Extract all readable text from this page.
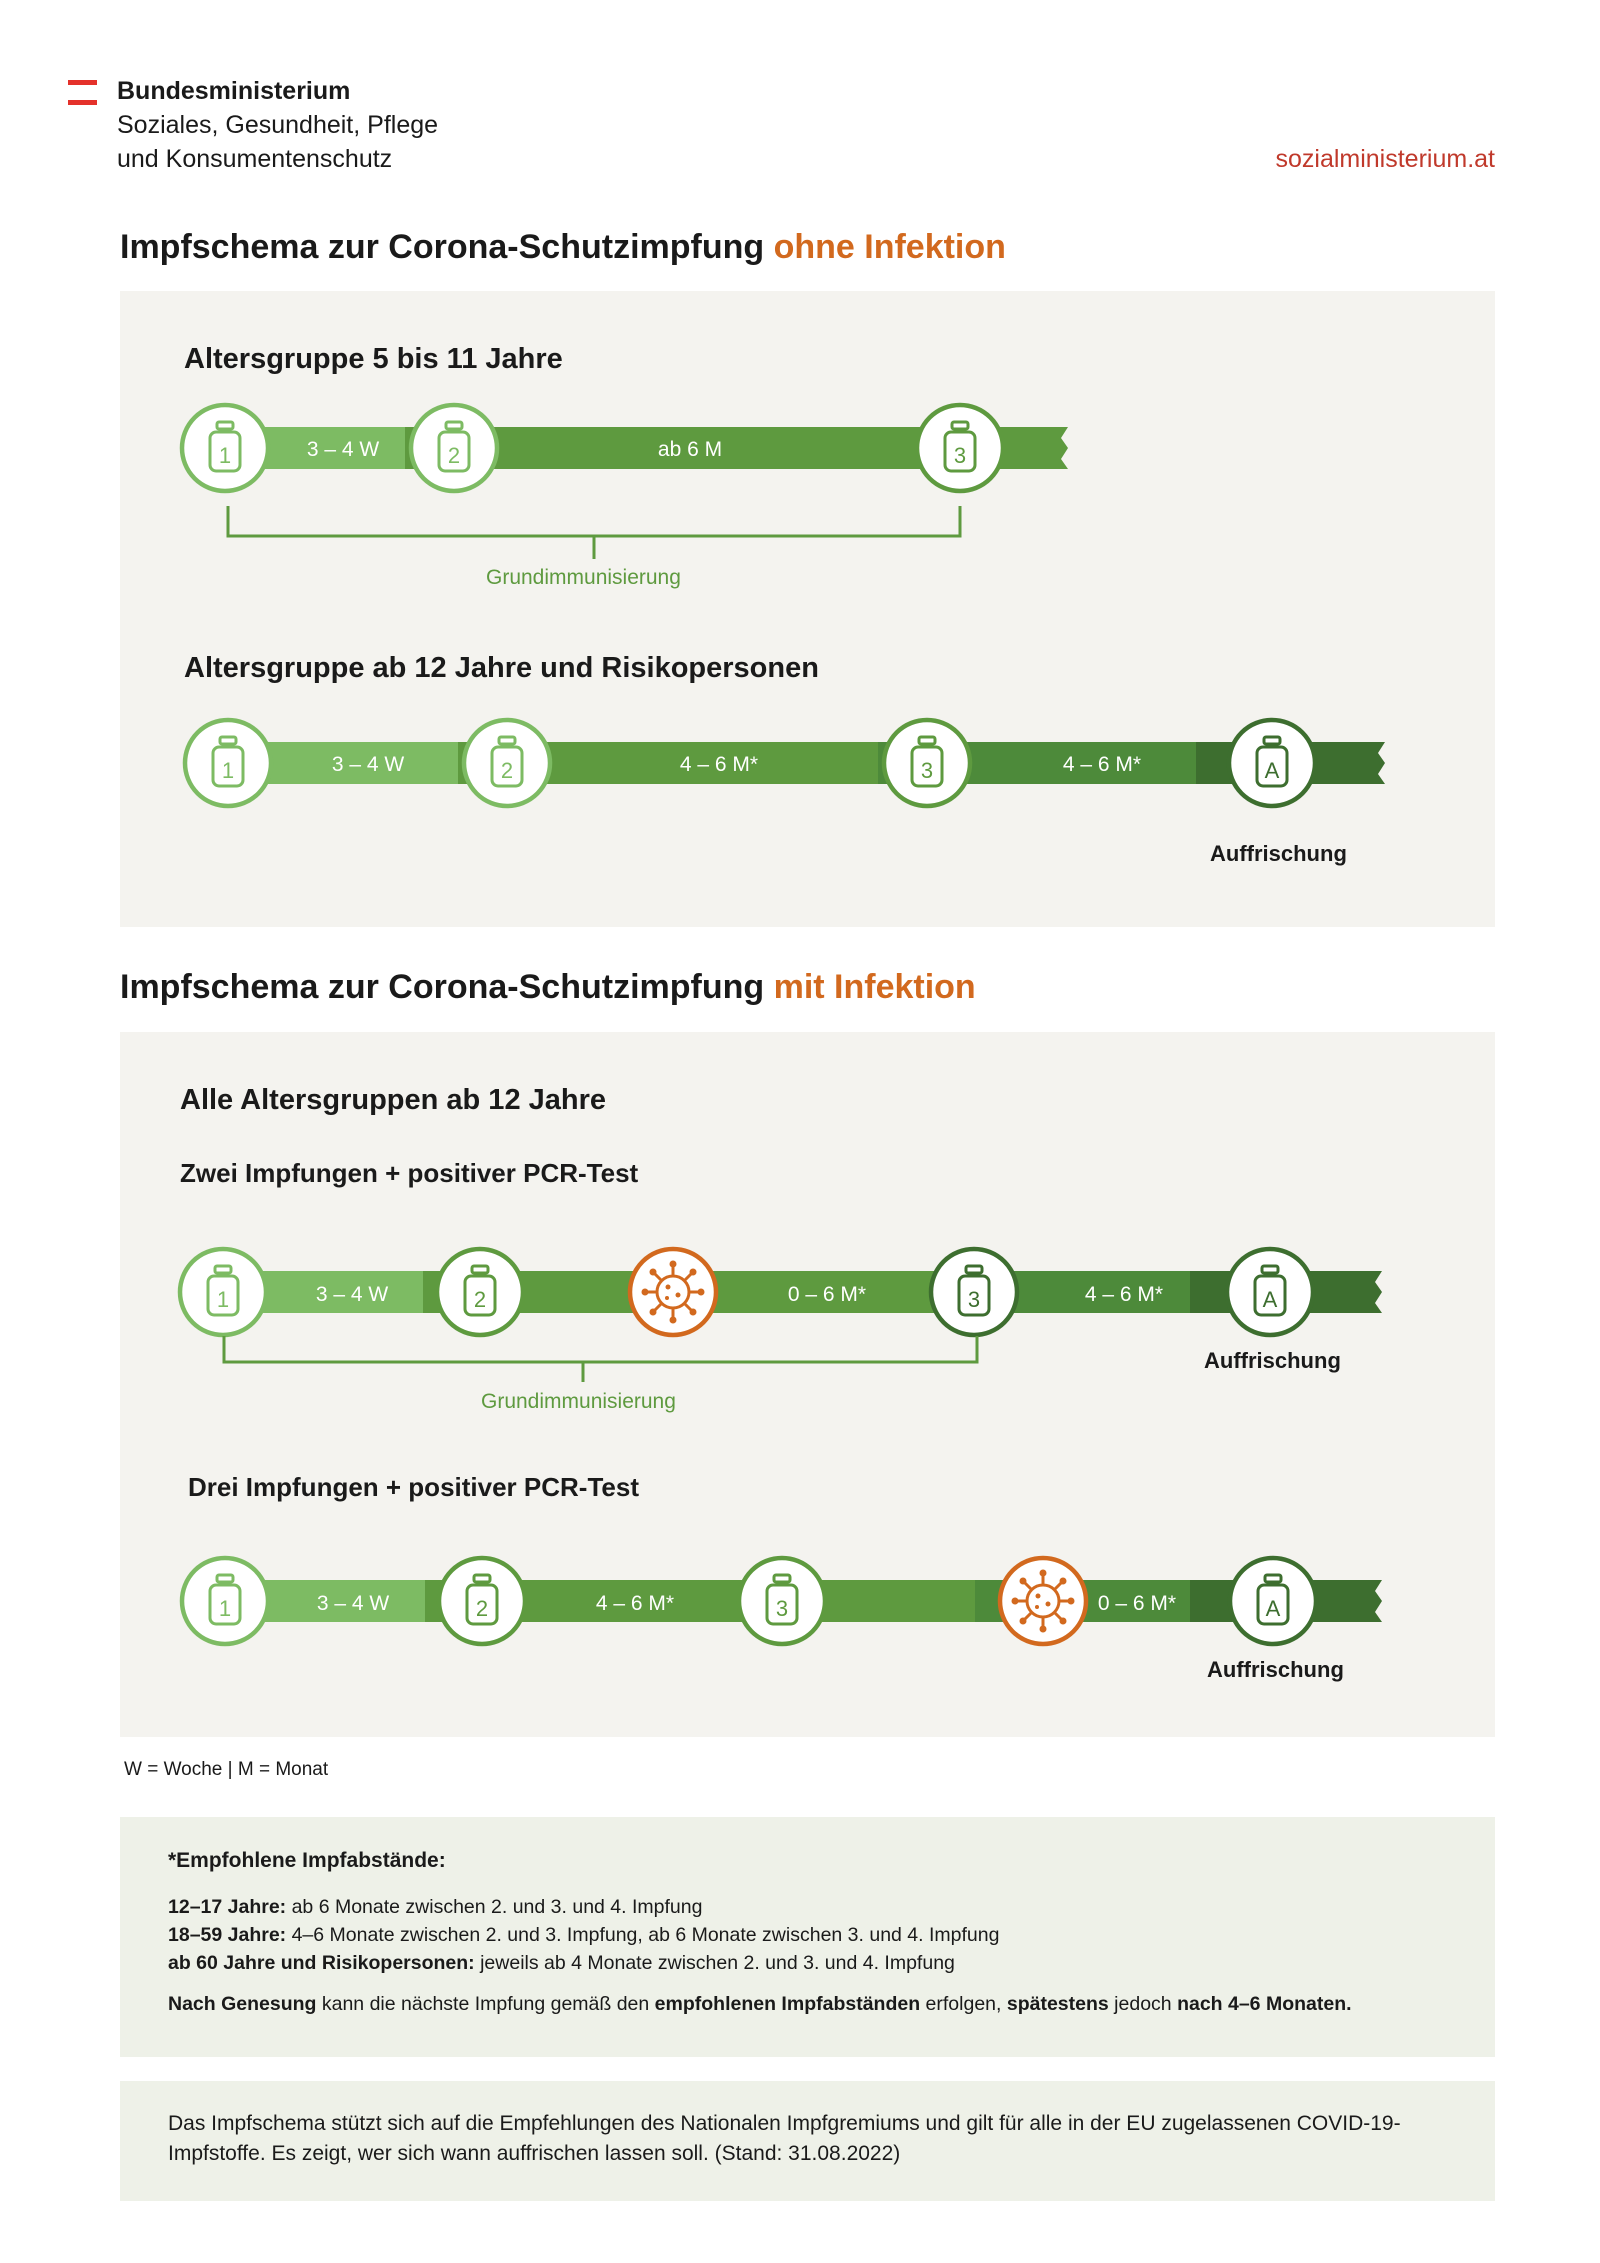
Bundesministerium
Soziales, Gesundheit, Pflege
und Konsumentenschutz	sozialministerium.at
Impfschema zur Corona-Schutzimpfung ohne Infektion
Altersgruppe 5 bis 11 Jahre
Altersgruppe ab 12 Jahre und Risikopersonen
Grundimmunisierung
Auffrischung
3 – 4 W	ab 6 M
1	2	3
3 – 4 W	4 – 6 M*	4 – 6 M*
1	2	3	A
Impfschema zur Corona-Schutzimpfung mit Infektion
Alle Altersgruppen ab 12 Jahre
Zwei Impfungen + positiver PCR-Test
Grundimmunisierung
Auffrischung
Drei Impfungen + positiver PCR-Test
Auffrischung
3 – 4 W	0 – 6 M*	4 – 6 M*
1	2	3	A
3 – 4 W	4 – 6 M*	0 – 6 M*
1	2	3	A
W = Woche | M = Monat
*Empfohlene Impfabstände:
12–17 Jahre: ab 6 Monate zwischen 2. und 3. und 4. Impfung
18–59 Jahre: 4–6 Monate zwischen 2. und 3. Impfung, ab 6 Monate zwischen 3. und 4. Impfung
ab 60 Jahre und Risikopersonen: jeweils ab 4 Monate zwischen 2. und 3. und 4. Impfung
Nach Genesung kann die nächste Impfung gemäß den empfohlenen Impfabständen erfolgen, spätestens jedoch nach 4–6 Monaten.
Das Impfschema stützt sich auf die Empfehlungen des Nationalen Impfgremiums und gilt für alle in der EU zugelassenen COVID-19-Impfstoffe. Es zeigt, wer sich wann auffrischen lassen soll. (Stand: 31.08.2022)
